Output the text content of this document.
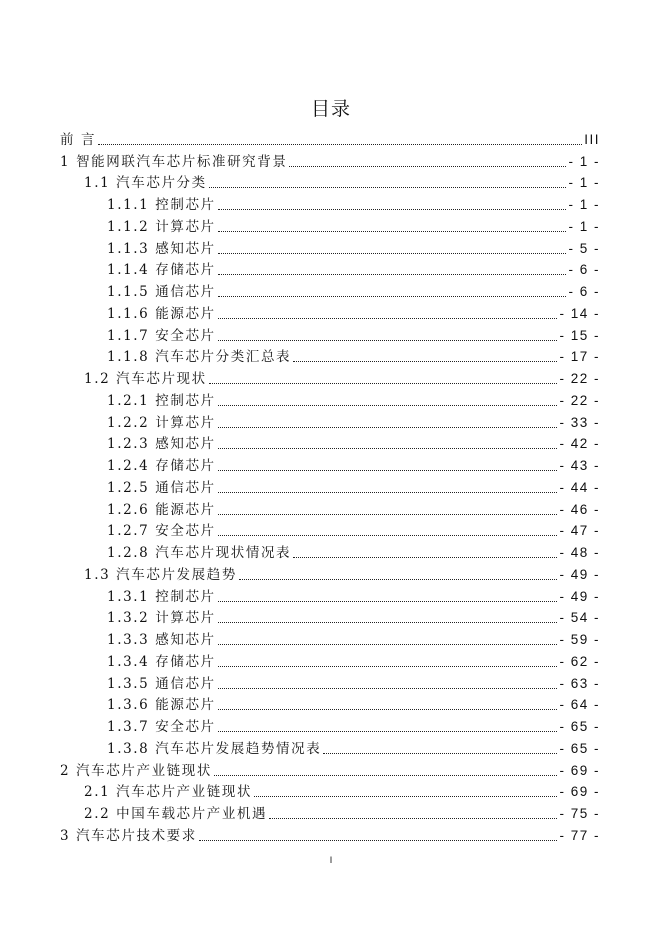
目录
前 言	III
1 智能网联汽车芯片标准研究背景	- 1 -
1.1 汽车芯片分类	- 1 -
1.1.1 控制芯片	- 1 -
1.1.2 计算芯片	- 1 -
1.1.3 感知芯片	- 5 -
1.1.4 存储芯片	- 6 -
1.1.5 通信芯片	- 6 -
1.1.6 能源芯片	- 14 -
1.1.7 安全芯片	- 15 -
1.1.8 汽车芯片分类汇总表	- 17 -
1.2 汽车芯片现状	- 22 -
1.2.1 控制芯片	- 22 -
1.2.2 计算芯片	- 33 -
1.2.3 感知芯片	- 42 -
1.2.4 存储芯片	- 43 -
1.2.5 通信芯片	- 44 -
1.2.6 能源芯片	- 46 -
1.2.7 安全芯片	- 47 -
1.2.8 汽车芯片现状情况表	- 48 -
1.3 汽车芯片发展趋势	- 49 -
1.3.1 控制芯片	- 49 -
1.3.2 计算芯片	- 54 -
1.3.3 感知芯片	- 59 -
1.3.4 存储芯片	- 62 -
1.3.5 通信芯片	- 63 -
1.3.6 能源芯片	- 64 -
1.3.7 安全芯片	- 65 -
1.3.8 汽车芯片发展趋势情况表	- 65 -
2 汽车芯片产业链现状	- 69 -
2.1 汽车芯片产业链现状	- 69 -
2.2 中国车载芯片产业机遇	- 75 -
3 汽车芯片技术要求	- 77 -
I
